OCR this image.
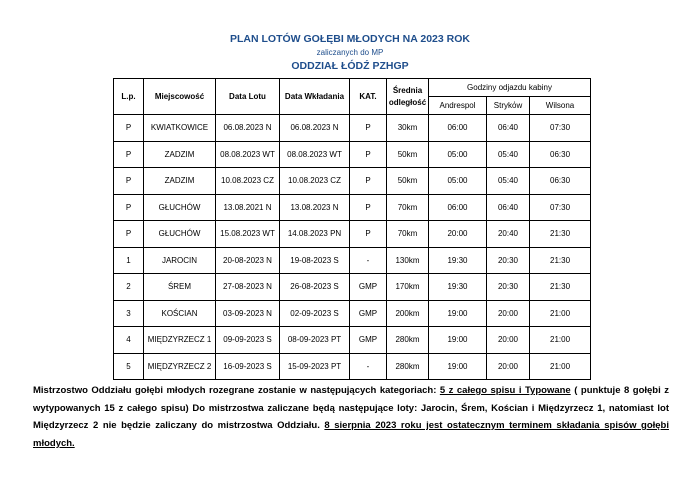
PLAN LOTÓW GOŁĘBI MŁODYCH NA 2023 ROK
zaliczanych do MP
ODDZIAŁ ŁÓDŹ PZHGP
L.p.	Miejscowość	Data Lotu	Data Wkładania	KAT.	Średnia
odległość	Godziny odjazdu kabiny		
						Andrespol	Strykόw	Wilsona
P	KWIATKOWICE	06.08.2023 N	06.08.2023 N	P	30km	06:00	06:40	07:30
P	ZADZIM	08.08.2023 WT	08.08.2023 WT	P	50km	05:00	05:40	06:30
P	ZADZIM	10.08.2023 CZ	10.08.2023 CZ	P	50km	05:00	05:40	06:30
P	GŁUCHÓW	13.08.2021 N	13.08.2023 N	P	70km	06:00	06:40	07:30
P	GŁUCHÓW	15.08.2023 WT	14.08.2023 PN	P	70km	20:00	20:40	21:30
1	JAROCIN	20-08-2023 N	19-08-2023 S	-	130km	19:30	20:30	21:30
2	ŚREM	27-08-2023 N	26-08-2023 S	GMP	170km	19:30	20:30	21:30
3	KOŚCIAN	03-09-2023 N	02-09-2023 S	GMP	200km	19:00	20:00	21:00
4	MIĘDZYRZECZ 1	09-09-2023 S	08-09-2023 PT	GMP	280km	19:00	20:00	21:00
5	MIĘDZYRZECZ 2	16-09-2023 S	15-09-2023 PT	-	280km	19:00	20:00	21:00
Mistrzostwo Oddziału gołębi młodych rozegrane zostanie w następujących kategoriach: 5 z całego spisu i Typowane ( punktuje 8 gołębi z wytypowanych 15 z całego spisu) Do mistrzostwa zaliczane będą następujące loty: Jarocin, Śrem, Kościan i Międzyrzecz 1, natomiast lot Międzyrzecz 2 nie będzie zaliczany do mistrzostwa Oddziału. 8 sierpnia 2023 roku jest ostatecznym terminem składania spisów gołębi młodych.
